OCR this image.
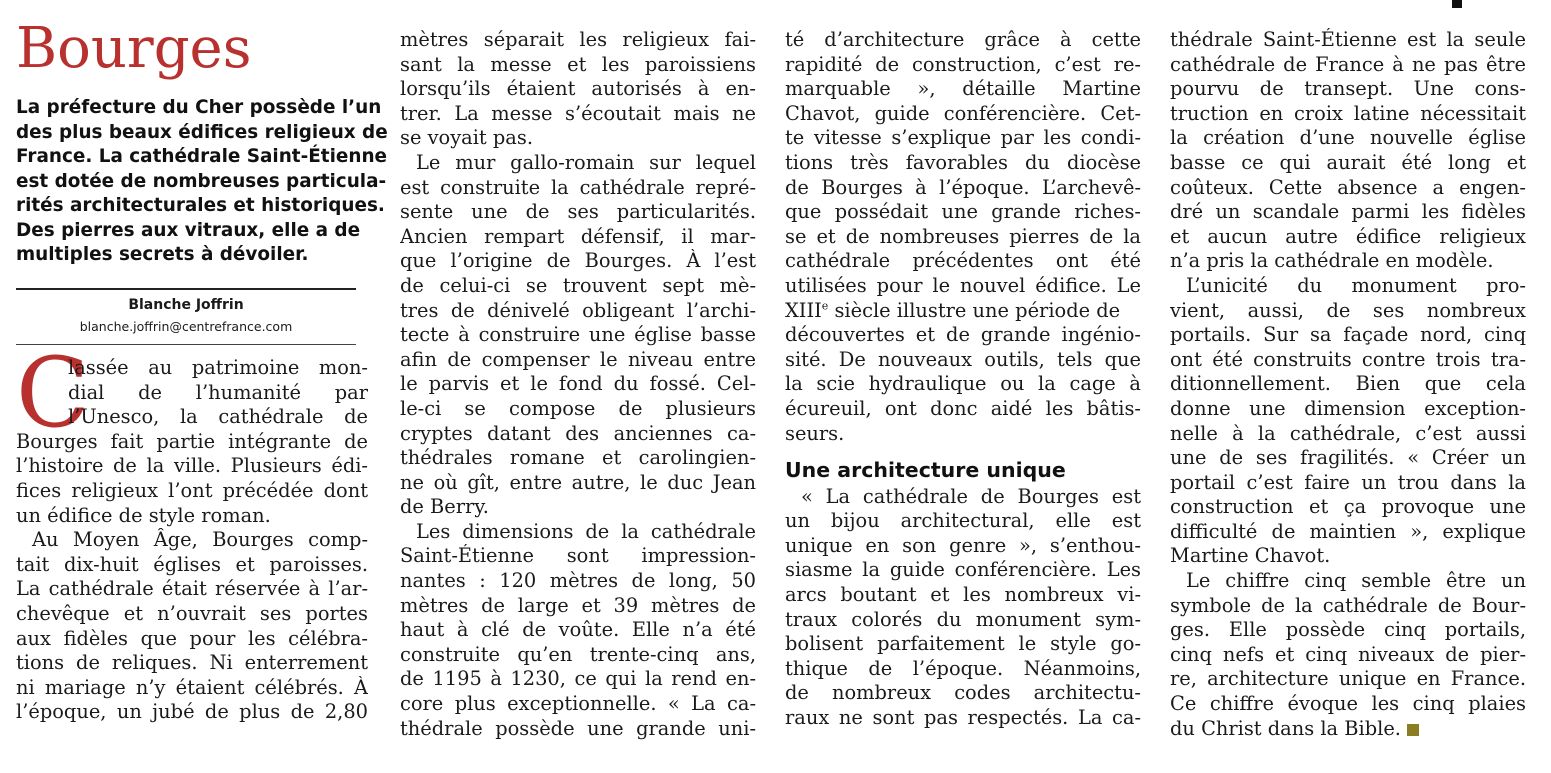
Bourges
La préfecture du Cher possède l’un
des plus beaux édifices religieux de
France. La cathédrale Saint-Étienne
est dotée de nombreuses particula-
rités architecturales et historiques.
Des pierres aux vitraux, elle a de
multiples secrets à dévoiler.
Blanche Joffrin
blanche.joffrin@centrefrance.com
C
lassée au patrimoine mon-
dial de l’humanité par
l’Unesco, la cathédrale de
Bourges fait partie intégrante de
l’histoire de la ville. Plusieurs édi-
fices religieux l’ont précédée dont
un édifice de style roman.
Au Moyen Âge, Bourges comp-
tait dix-huit églises et paroisses.
La cathédrale était réservée à l’ar-
chevêque et n’ouvrait ses portes
aux fidèles que pour les célébra-
tions de reliques. Ni enterrement
ni mariage n’y étaient célébrés. À
l’époque, un jubé de plus de 2,80
mètres séparait les religieux fai-
sant la messe et les paroissiens
lorsqu’ils étaient autorisés à en-
trer. La messe s’écoutait mais ne
se voyait pas.
Le mur gallo-romain sur lequel
est construite la cathédrale repré-
sente une de ses particularités.
Ancien rempart défensif, il mar-
que l’origine de Bourges. À l’est
de celui-ci se trouvent sept mè-
tres de dénivelé obligeant l’archi-
tecte à construire une église basse
afin de compenser le niveau entre
le parvis et le fond du fossé. Cel-
le-ci se compose de plusieurs
cryptes datant des anciennes ca-
thédrales romane et carolingien-
ne où gît, entre autre, le duc Jean
de Berry.
Les dimensions de la cathédrale
Saint-Étienne sont impression-
nantes : 120 mètres de long, 50
mètres de large et 39 mètres de
haut à clé de voûte. Elle n’a été
construite qu’en trente-cinq ans,
de 1195 à 1230, ce qui la rend en-
core plus exceptionnelle. « La ca-
thédrale possède une grande uni-
té d’architecture grâce à cette
rapidité de construction, c’est re-
marquable », détaille Martine
Chavot, guide conférencière. Cet-
te vitesse s’explique par les condi-
tions très favorables du diocèse
de Bourges à l’époque. L’archevê-
que possédait une grande riches-
se et de nombreuses pierres de la
cathédrale précédentes ont été
utilisées pour le nouvel édifice. Le
XIIIe siècle illustre une période de
découvertes et de grande ingénio-
sité. De nouveaux outils, tels que
la scie hydraulique ou la cage à
écureuil, ont donc aidé les bâtis-
seurs.
Une architecture unique
« La cathédrale de Bourges est
un bijou architectural, elle est
unique en son genre », s’enthou-
siasme la guide conférencière. Les
arcs boutant et les nombreux vi-
traux colorés du monument sym-
bolisent parfaitement le style go-
thique de l’époque. Néanmoins,
de nombreux codes architectu-
raux ne sont pas respectés. La ca-
thédrale Saint-Étienne est la seule
cathédrale de France à ne pas être
pourvu de transept. Une cons-
truction en croix latine nécessitait
la création d’une nouvelle église
basse ce qui aurait été long et
coûteux. Cette absence a engen-
dré un scandale parmi les fidèles
et aucun autre édifice religieux
n’a pris la cathédrale en modèle.
L’unicité du monument pro-
vient, aussi, de ses nombreux
portails. Sur sa façade nord, cinq
ont été construits contre trois tra-
ditionnellement. Bien que cela
donne une dimension exception-
nelle à la cathédrale, c’est aussi
une de ses fragilités. « Créer un
portail c’est faire un trou dans la
construction et ça provoque une
difficulté de maintien », explique
Martine Chavot.
Le chiffre cinq semble être un
symbole de la cathédrale de Bour-
ges. Elle possède cinq portails,
cinq nefs et cinq niveaux de pier-
re, architecture unique en France.
Ce chiffre évoque les cinq plaies
du Christ dans la Bible.
